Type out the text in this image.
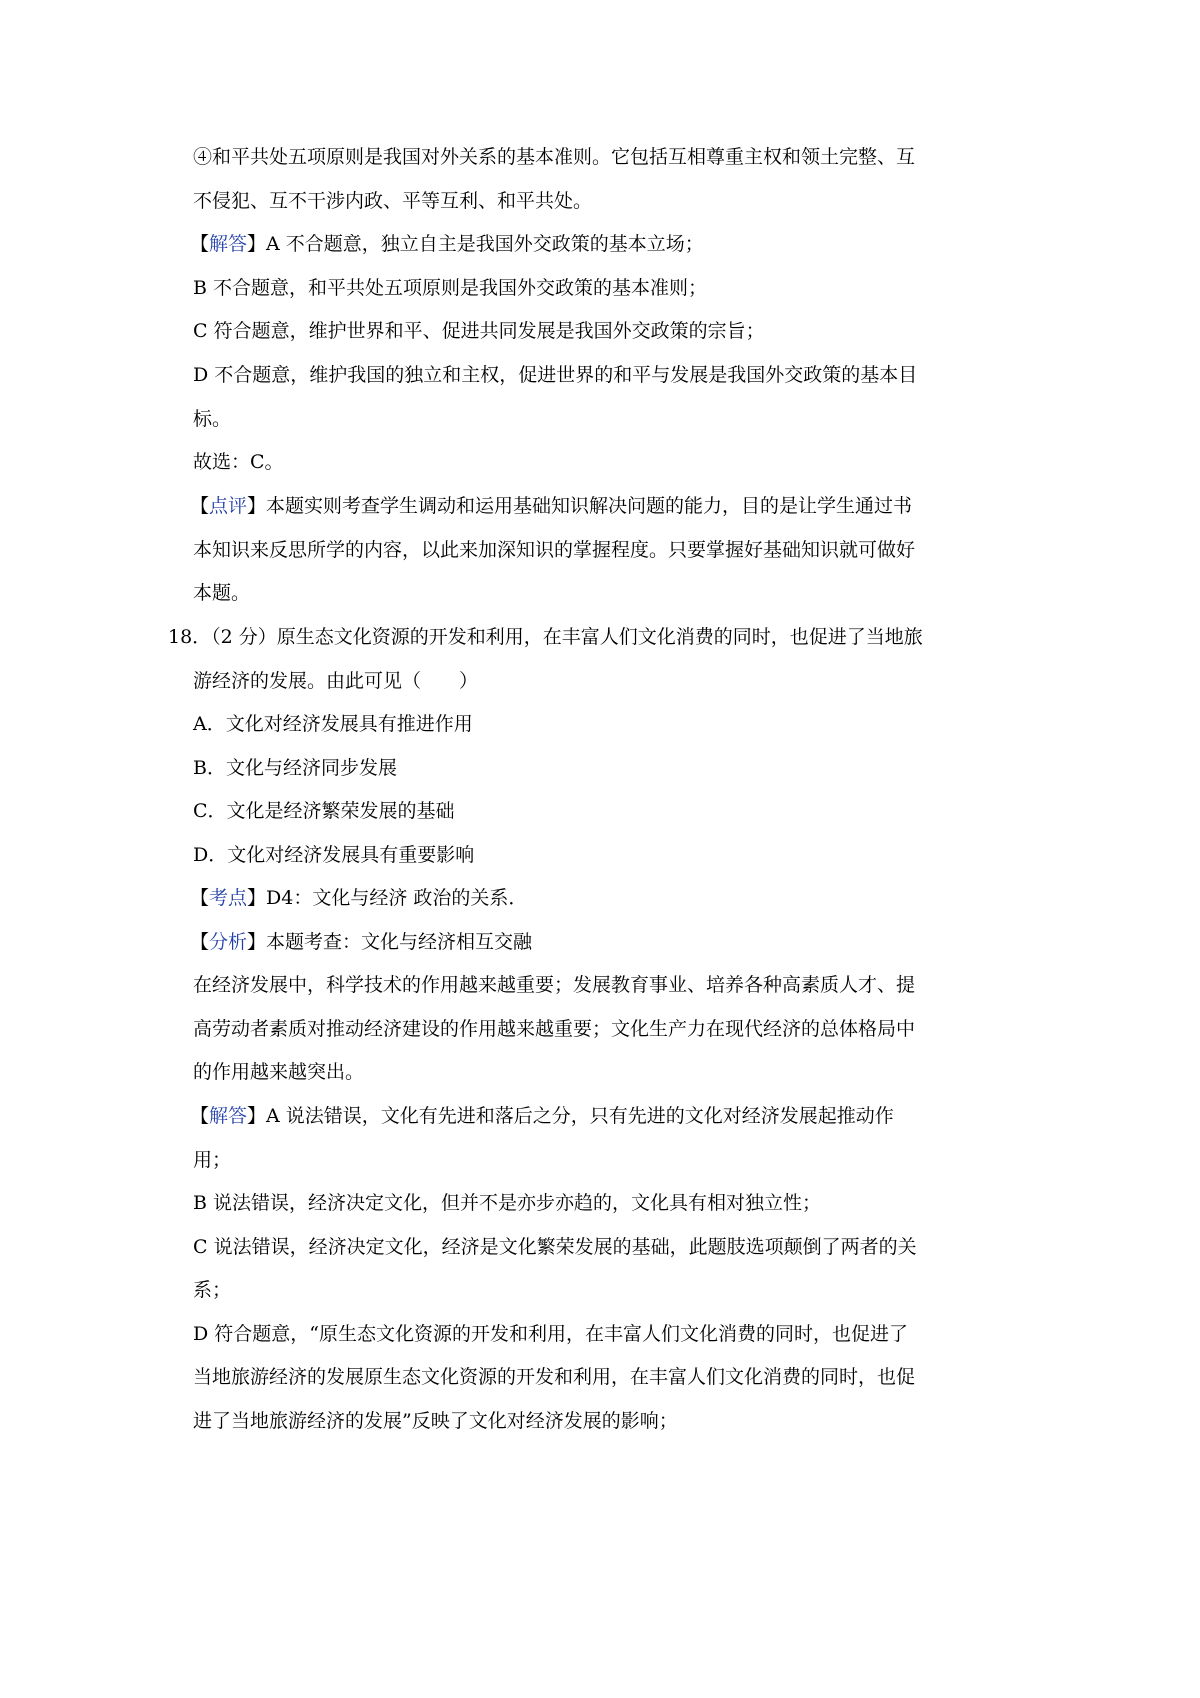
④和平共处五项原则是我国对外关系的基本准则。它包括互相尊重主权和领土完整、互
不侵犯、互不干涉内政、平等互利、和平共处。
【解答】A 不合题意，独立自主是我国外交政策的基本立场；
B 不合题意，和平共处五项原则是我国外交政策的基本准则；
C 符合题意，维护世界和平、促进共同发展是我国外交政策的宗旨；
D 不合题意，维护我国的独立和主权，促进世界的和平与发展是我国外交政策的基本目
标。
故选：C。
【点评】本题实则考查学生调动和运用基础知识解决问题的能力，目的是让学生通过书
本知识来反思所学的内容，以此来加深知识的掌握程度。只要掌握好基础知识就可做好
本题。
18．（2 分）原生态文化资源的开发和利用，在丰富人们文化消费的同时，也促进了当地旅
游经济的发展。由此可见（　　）
A．文化对经济发展具有推进作用
B．文化与经济同步发展
C．文化是经济繁荣发展的基础
D．文化对经济发展具有重要影响
【考点】D4：文化与经济 政治的关系．
【分析】本题考查：文化与经济相互交融
在经济发展中，科学技术的作用越来越重要；发展教育事业、培养各种高素质人才、提
高劳动者素质对推动经济建设的作用越来越重要；文化生产力在现代经济的总体格局中
的作用越来越突出。
【解答】A 说法错误，文化有先进和落后之分，只有先进的文化对经济发展起推动作
用；
B 说法错误，经济决定文化，但并不是亦步亦趋的，文化具有相对独立性；
C 说法错误，经济决定文化，经济是文化繁荣发展的基础，此题肢选项颠倒了两者的关
系；
D 符合题意，“原生态文化资源的开发和利用，在丰富人们文化消费的同时，也促进了
当地旅游经济的发展原生态文化资源的开发和利用，在丰富人们文化消费的同时，也促
进了当地旅游经济的发展”反映了文化对经济发展的影响；
